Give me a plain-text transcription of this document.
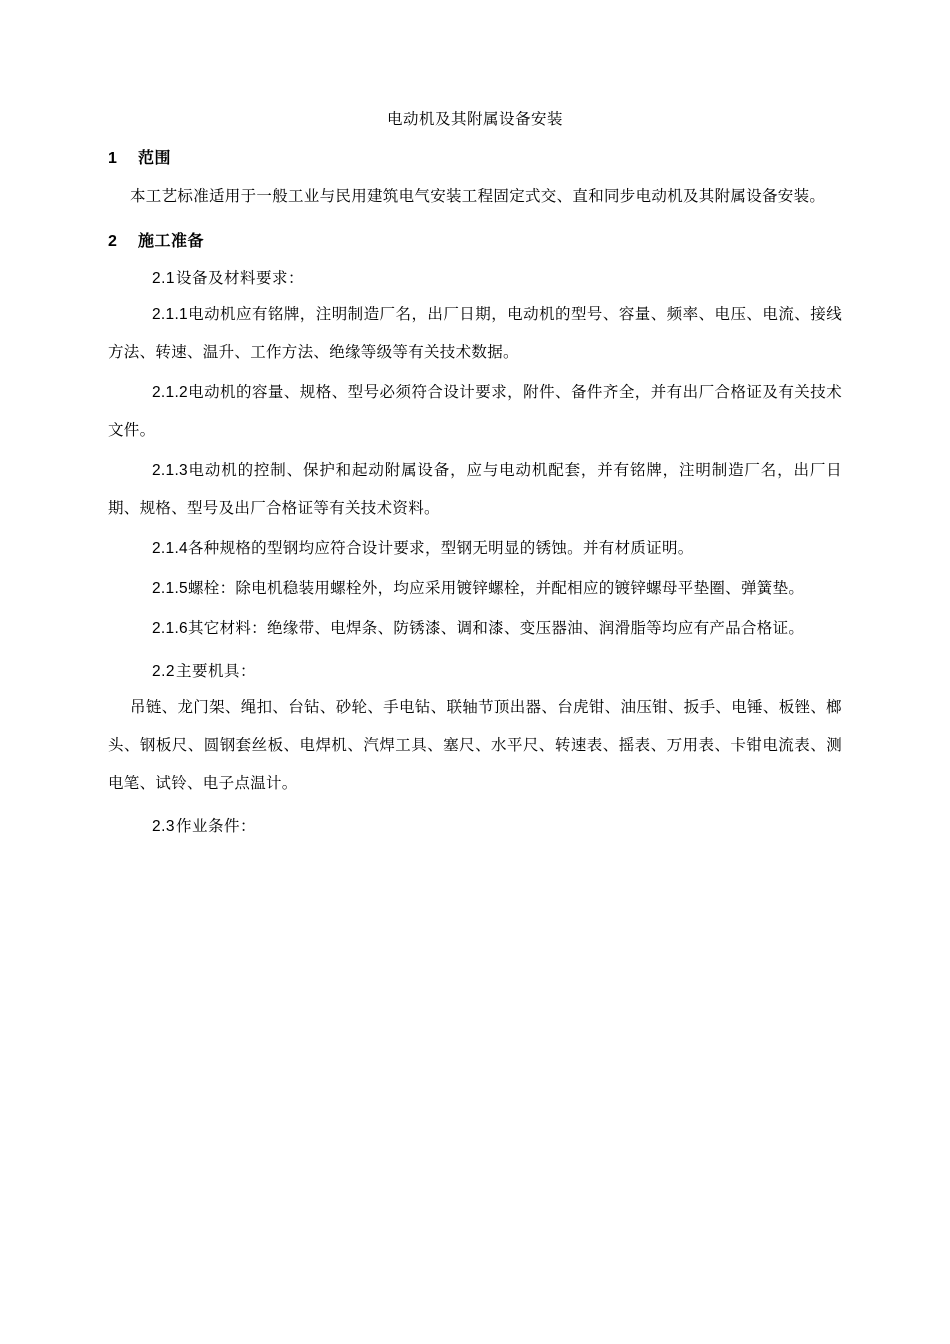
电动机及其附属设备安装
1 范围
本工艺标准适用于一般工业与民用建筑电气安装工程固定式交、直和同步电动机及其附属设备安装。
2 施工准备
2.1设备及材料要求：
2.1.1电动机应有铭牌，注明制造厂名，出厂日期，电动机的型号、容量、频率、电压、电流、接线方法、转速、温升、工作方法、绝缘等级等有关技术数据。
2.1.2电动机的容量、规格、型号必须符合设计要求，附件、备件齐全，并有出厂合格证及有关技术文件。
2.1.3电动机的控制、保护和起动附属设备，应与电动机配套，并有铭牌，注明制造厂名，出厂日期、规格、型号及出厂合格证等有关技术资料。
2.1.4各种规格的型钢均应符合设计要求，型钢无明显的锈蚀。并有材质证明。
2.1.5螺栓：除电机稳装用螺栓外，均应采用镀锌螺栓，并配相应的镀锌螺母平垫圈、弹簧垫。
2.1.6其它材料：绝缘带、电焊条、防锈漆、调和漆、变压器油、润滑脂等均应有产品合格证。
2.2主要机具：
吊链、龙门架、绳扣、台钻、砂轮、手电钻、联轴节顶出器、台虎钳、油压钳、扳手、电锤、板锉、榔头、钢板尺、圆钢套丝板、电焊机、汽焊工具、塞尺、水平尺、转速表、摇表、万用表、卡钳电流表、测电笔、试铃、电子点温计。
2.3作业条件：
